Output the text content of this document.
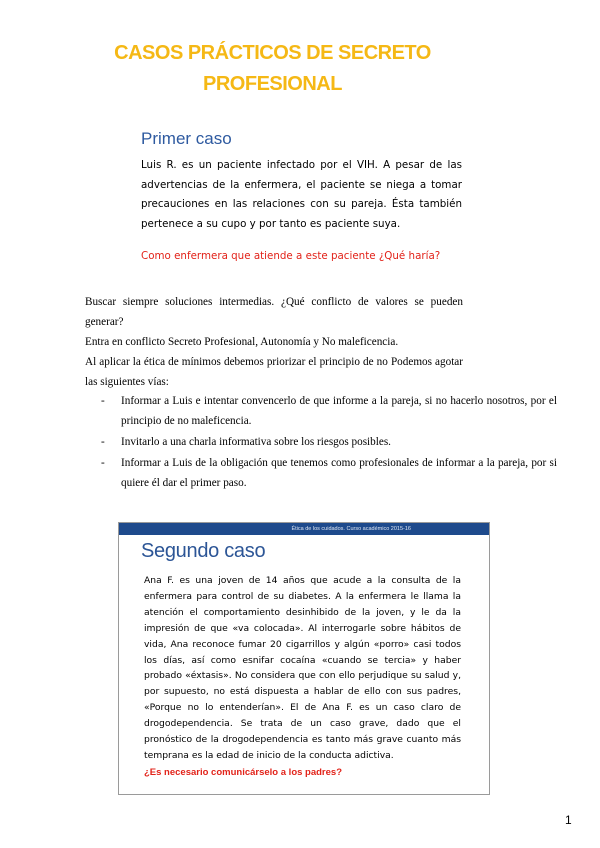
CASOS PRÁCTICOS DE SECRETO
PROFESIONAL
Primer caso
Luis R. es un paciente infectado por el VIH. A pesar de las advertencias de la enfermera, el paciente se niega a tomar precauciones en las relaciones con su pareja. Ésta también pertenece a su cupo y por tanto es paciente suya.
Como enfermera que atiende a este paciente ¿Qué haría?

Buscar siempre soluciones intermedias. ¿Qué conflicto de valores se pueden generar?

Entra en conflicto Secreto Profesional, Autonomía y No maleficencia.

Al aplicar la ética de mínimos debemos priorizar el principio de no Podemos agotar las siguientes vías:

- Informar a Luis e intentar convencerlo de que informe a la pareja, si no hacerlo nosotros, por el principio de no maleficencia.
- Invitarlo a una charla informativa sobre los riesgos posibles.
- Informar a Luis de la obligación que tenemos como profesionales de informar a la pareja, por si quiere él dar el primer paso.
Ética de los cuidados. Curso académico 2015-16
Segundo caso
Ana F. es una joven de 14 años que acude a la consulta de la enfermera para control de su diabetes. A la enfermera le llama la atención el comportamiento desinhibido de la joven, y le da la impresión de que «va colocada». Al interrogarle sobre hábitos de vida, Ana reconoce fumar 20 cigarrillos y algún «porro» casi todos los días, así como esnifar cocaína «cuando se tercia» y haber probado «éxtasis». No considera que con ello perjudique su salud y, por supuesto, no está dispuesta a hablar de ello con sus padres, «Porque no lo entenderían». El de Ana F. es un caso claro de drogodependencia. Se trata de un caso grave, dado que el pronóstico de la drogodependencia es tanto más grave cuanto más temprana es la edad de inicio de la conducta adictiva.
¿Es necesario comunicárselo a los padres?
1
